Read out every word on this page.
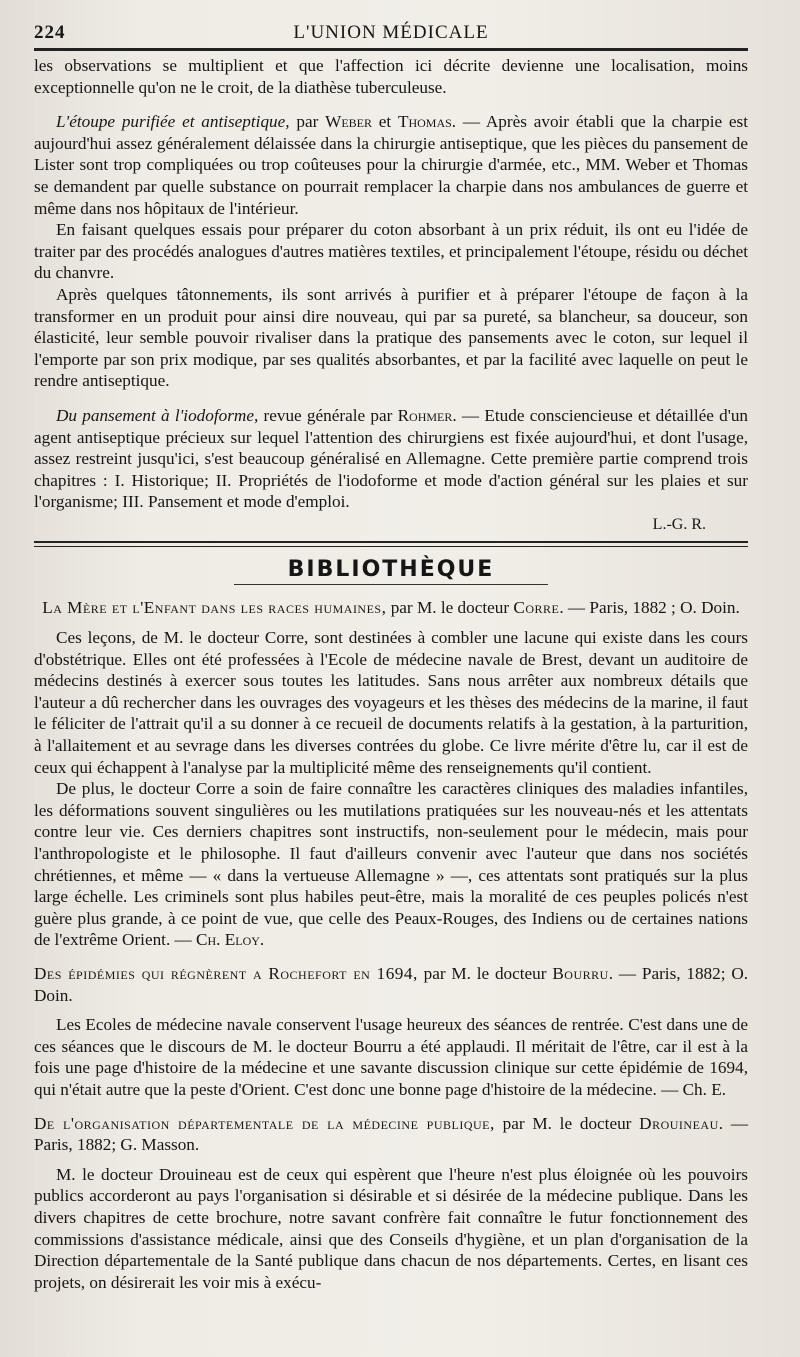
224	L'UNION MÉDICALE

les observations se multiplient et que l'affection ici décrite devienne une localisation, moins exceptionnelle qu'on ne le croit, de la diathèse tuberculeuse.

L'étoupe purifiée et antiseptique, par Weber et Thomas. — Après avoir établi que la charpie est aujourd'hui assez généralement délaissée dans la chirurgie antiseptique, que les pièces du pansement de Lister sont trop compliquées ou trop coûteuses pour la chirurgie d'armée, etc., MM. Weber et Thomas se demandent par quelle substance on pourrait remplacer la charpie dans nos ambulances de guerre et même dans nos hôpitaux de l'intérieur.

En faisant quelques essais pour préparer du coton absorbant à un prix réduit, ils ont eu l'idée de traiter par des procédés analogues d'autres matières textiles, et principalement l'étoupe, résidu ou déchet du chanvre.

Après quelques tâtonnements, ils sont arrivés à purifier et à préparer l'étoupe de façon à la transformer en un produit pour ainsi dire nouveau, qui par sa pureté, sa blancheur, sa douceur, son élasticité, leur semble pouvoir rivaliser dans la pratique des pansements avec le coton, sur lequel il l'emporte par son prix modique, par ses qualités absorbantes, et par la facilité avec laquelle on peut le rendre antiseptique.

Du pansement à l'iodoforme, revue générale par Rohmer. — Etude consciencieuse et détaillée d'un agent antiseptique précieux sur lequel l'attention des chirurgiens est fixée aujourd'hui, et dont l'usage, assez restreint jusqu'ici, s'est beaucoup généralisé en Allemagne. Cette première partie comprend trois chapitres : I. Historique; II. Propriétés de l'iodoforme et mode d'action général sur les plaies et sur l'organisme; III. Pansement et mode d'emploi.

L.-G. R.
BIBLIOTHÈQUE

La Mère et l'Enfant dans les races humaines, par M. le docteur Corre. — Paris, 1882 ; O. Doin.

Ces leçons, de M. le docteur Corre, sont destinées à combler une lacune qui existe dans les cours d'obstétrique. Elles ont été professées à l'Ecole de médecine navale de Brest, devant un auditoire de médecins destinés à exercer sous toutes les latitudes. Sans nous arrêter aux nombreux détails que l'auteur a dû rechercher dans les ouvrages des voyageurs et les thèses des médecins de la marine, il faut le féliciter de l'attrait qu'il a su donner à ce recueil de documents relatifs à la gestation, à la parturition, à l'allaitement et au sevrage dans les diverses contrées du globe. Ce livre mérite d'être lu, car il est de ceux qui échappent à l'analyse par la multiplicité même des renseignements qu'il contient.

De plus, le docteur Corre a soin de faire connaître les caractères cliniques des maladies infantiles, les déformations souvent singulières ou les mutilations pratiquées sur les nouveau-nés et les attentats contre leur vie. Ces derniers chapitres sont instructifs, non-seulement pour le médecin, mais pour l'anthropologiste et le philosophe. Il faut d'ailleurs convenir avec l'auteur que dans nos sociétés chrétiennes, et même — « dans la vertueuse Allemagne » —, ces attentats sont pratiqués sur la plus large échelle. Les criminels sont plus habiles peut-être, mais la moralité de ces peuples policés n'est guère plus grande, à ce point de vue, que celle des Peaux-Rouges, des Indiens ou de certaines nations de l'extrême Orient. — Ch. Eloy.

Des épidémies qui régnèrent a Rochefort en 1694, par M. le docteur Bourru. — Paris, 1882; O. Doin.

Les Ecoles de médecine navale conservent l'usage heureux des séances de rentrée. C'est dans une de ces séances que le discours de M. le docteur Bourru a été applaudi. Il méritait de l'être, car il est à la fois une page d'histoire de la médecine et une savante discussion clinique sur cette épidémie de 1694, qui n'était autre que la peste d'Orient. C'est donc une bonne page d'histoire de la médecine. — Ch. E.

De l'organisation départementale de la médecine publique, par M. le docteur Drouineau. — Paris, 1882; G. Masson.

M. le docteur Drouineau est de ceux qui espèrent que l'heure n'est plus éloignée où les pouvoirs publics accorderont au pays l'organisation si désirable et si désirée de la médecine publique. Dans les divers chapitres de cette brochure, notre savant confrère fait connaître le futur fonctionnement des commissions d'assistance médicale, ainsi que des Conseils d'hygiène, et un plan d'organisation de la Direction départementale de la Santé publique dans chacun de nos départements. Certes, en lisant ces projets, on désirerait les voir mis à exécu-
